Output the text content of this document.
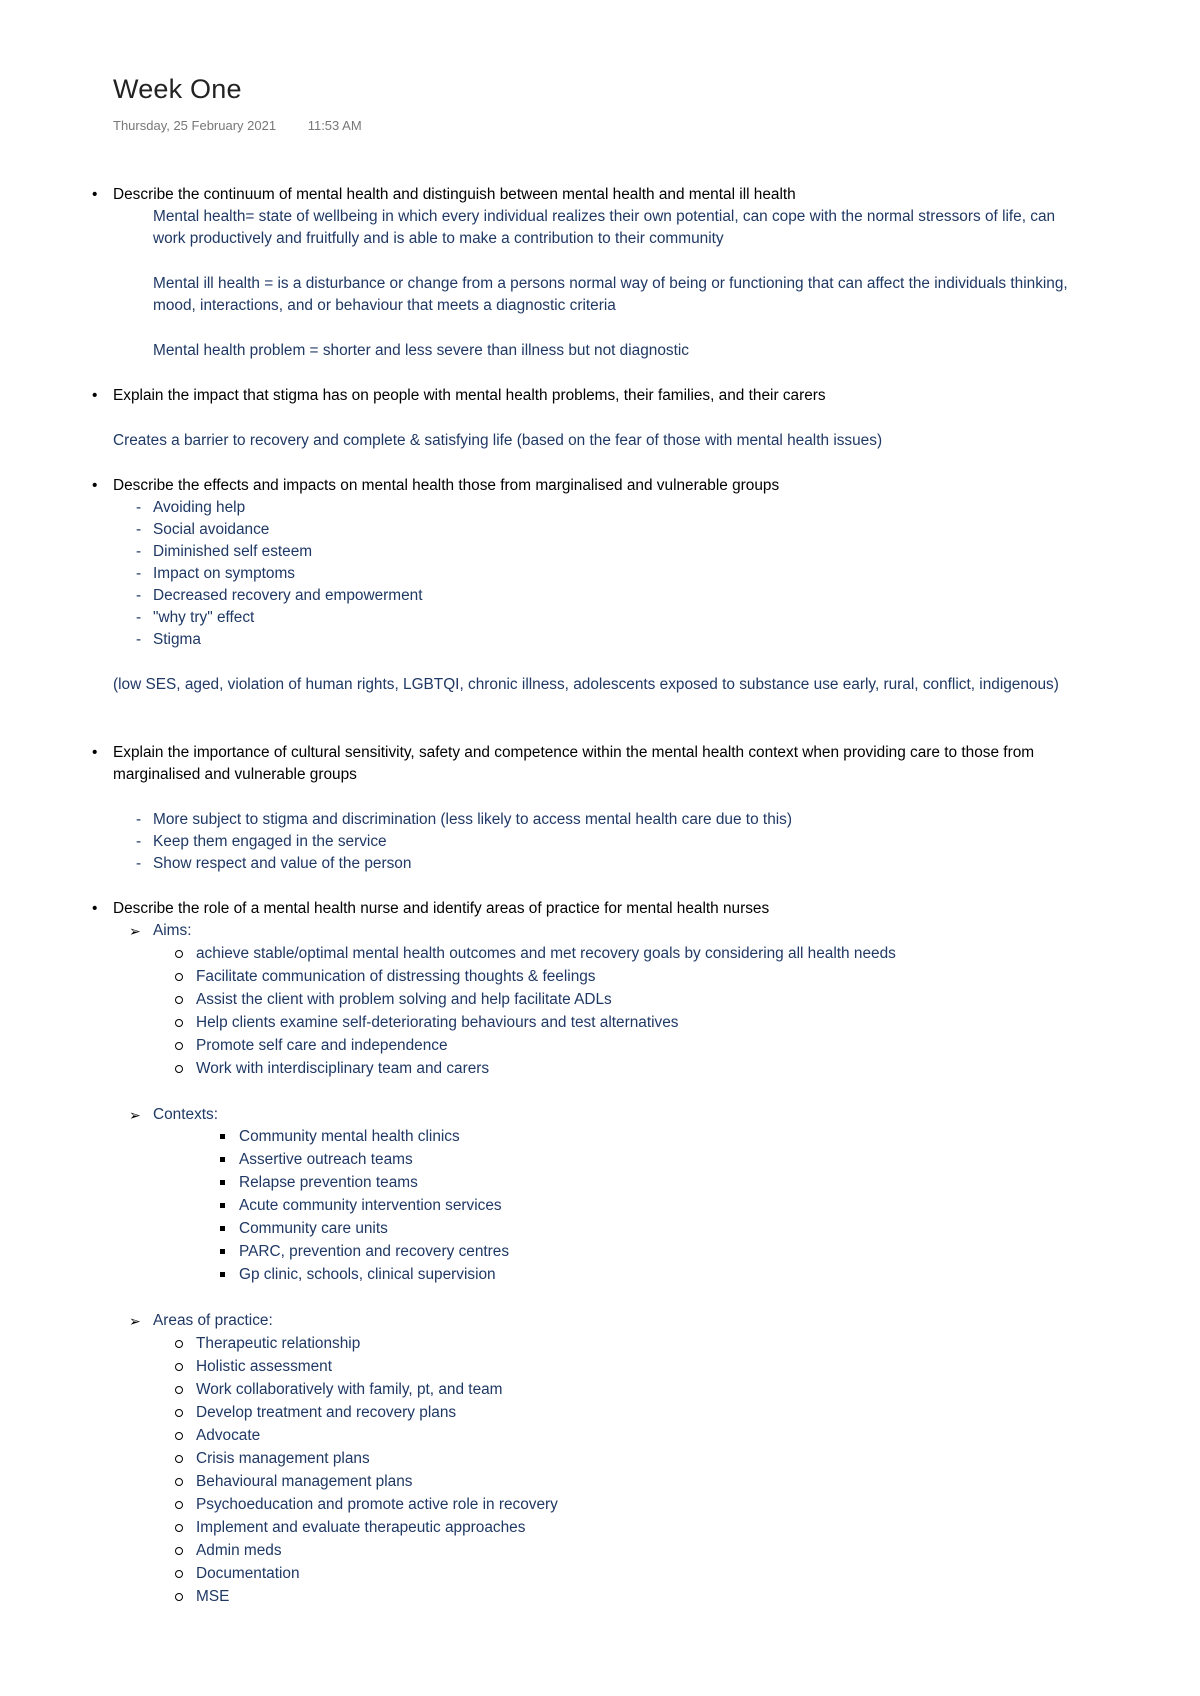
Week One
Thursday, 25 February 2021 11:53 AM
• Describe the continuum of mental health and distinguish between mental health and mental ill health
Mental health= state of wellbeing in which every individual realizes their own potential, can cope with the normal stressors of life, can
work productively and fruitfully and is able to make a contribution to their community
Mental ill health = is a disturbance or change from a persons normal way of being or functioning that can affect the individuals thinking,
mood, interactions, and or behaviour that meets a diagnostic criteria
Mental health problem = shorter and less severe than illness but not diagnostic
• Explain the impact that stigma has on people with mental health problems, their families, and their carers
Creates a barrier to recovery and complete & satisfying life (based on the fear of those with mental health issues)
• Describe the effects and impacts on mental health those from marginalised and vulnerable groups
- Avoiding help
- Social avoidance
- Diminished self esteem
- Impact on symptoms
- Decreased recovery and empowerment
- "why try" effect
- Stigma
(low SES, aged, violation of human rights, LGBTQI, chronic illness, adolescents exposed to substance use early, rural, conflict, indigenous)
• Explain the importance of cultural sensitivity, safety and competence within the mental health context when providing care to those from
marginalised and vulnerable groups
- More subject to stigma and discrimination (less likely to access mental health care due to this)
- Keep them engaged in the service
- Show respect and value of the person
• Describe the role of a mental health nurse and identify areas of practice for mental health nurses
➢ Aims:
achieve stable/optimal mental health outcomes and met recovery goals by considering all health needs
Facilitate communication of distressing thoughts & feelings
Assist the client with problem solving and help facilitate ADLs
Help clients examine self-deteriorating behaviours and test alternatives
Promote self care and independence
Work with interdisciplinary team and carers
➢ Contexts:
Community mental health clinics
Assertive outreach teams
Relapse prevention teams
Acute community intervention services
Community care units
PARC, prevention and recovery centres
Gp clinic, schools, clinical supervision
➢ Areas of practice:
Therapeutic relationship
Holistic assessment
Work collaboratively with family, pt, and team
Develop treatment and recovery plans
Advocate
Crisis management plans
Behavioural management plans
Psychoeducation and promote active role in recovery
Implement and evaluate therapeutic approaches
Admin meds
Documentation
MSE
